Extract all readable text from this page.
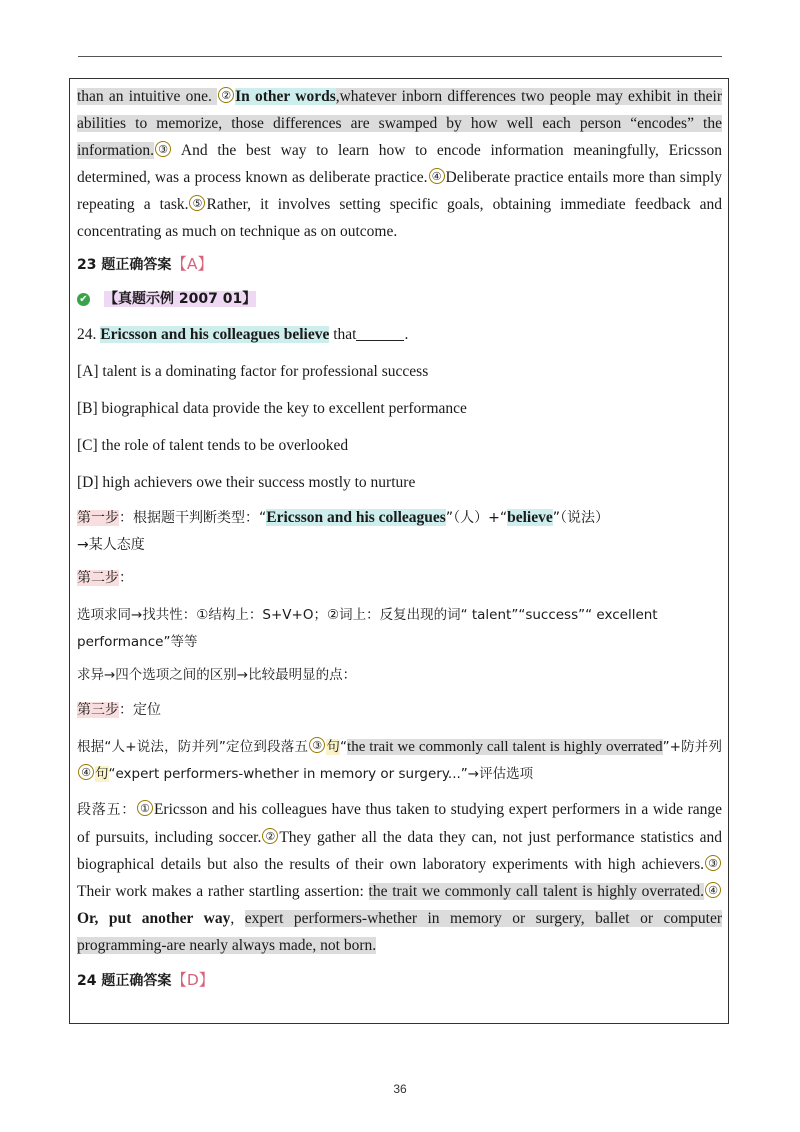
than an intuitive one. ② In other words,whatever inborn differences two people may exhibit in their abilities to memorize, those differences are swamped by how well each person “encodes” the information. ③ And the best way to learn how to encode information meaningfully, Ericsson determined, was a process known as deliberate practice. ④ Deliberate practice entails more than simply repeating a task. ⑤ Rather, it involves setting specific goals, obtaining immediate feedback and concentrating as much on technique as on outcome.

23 题正确答案【A】

✔ 【真题示例 2007 01】

24. Ericsson and his colleagues believe that	.

[A] talent is a dominating factor for professional success

[B] biographical data provide the key to excellent performance

[C] the role of talent tends to be overlooked

[D] high achievers owe their success mostly to nurture

第一步：根据题干判断类型：“Ericsson and his colleagues”（人）+“believe”（说法）

→某人态度

第二步：

选项求同→找共性：①结构上：S+V+O；②词上：反复出现的词“ talent”“success”“ excellent

performance”等等

求异→四个选项之间的区别→比较最明显的点：

第三步：定位

根据“人+说法，防并列”定位到段落五 ③ 句“the trait we commonly call talent is highly overrated”+防并列④ 句“expert performers-whether in memory or surgery...”→评估选项

段落五： ① Ericsson and his colleagues have thus taken to studying expert performers in a wide range of pursuits, including soccer. ② They gather all the data they can, not just performance statistics and biographical details but also the results of their own laboratory experiments with high achievers. ③ Their work makes a rather startling assertion: the trait we commonly call talent is highly overrated. ④Or, put another way, expert performers-whether in memory or surgery, ballet or computer programming-are nearly always made, not born.

24 题正确答案【D】

36
